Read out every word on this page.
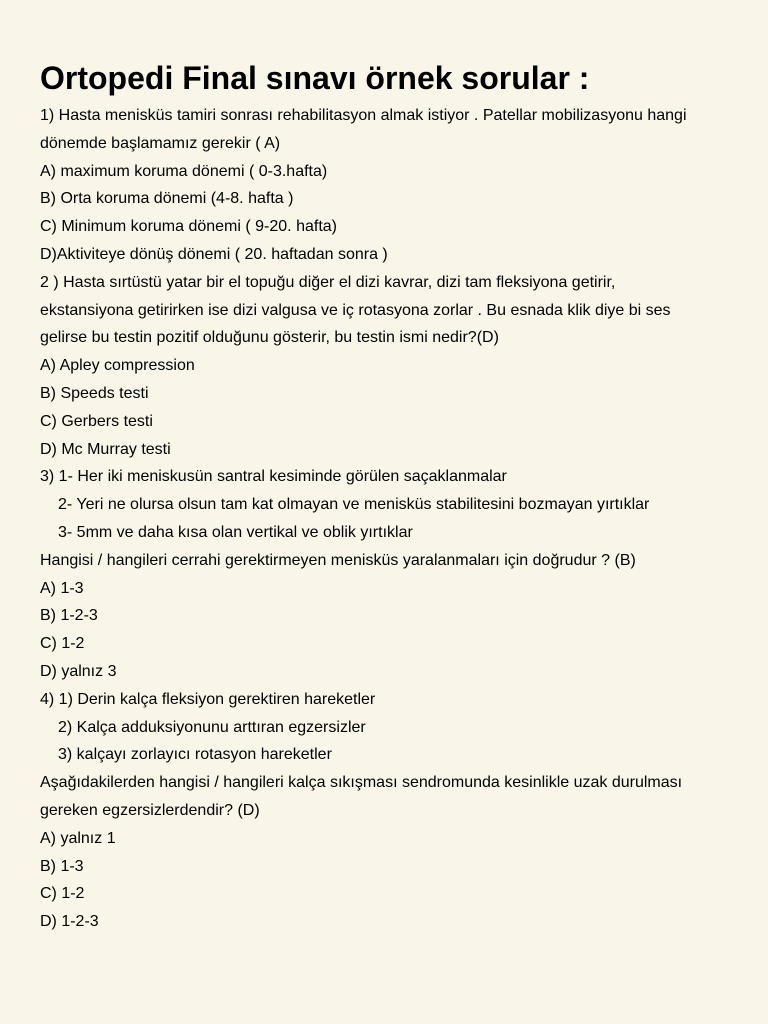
Ortopedi Final sınavı örnek sorular :
1) Hasta menisküs tamiri sonrası rehabilitasyon almak istiyor . Patellar mobilizasyonu hangi
dönemde başlamamız gerekir ( A)
A) maximum koruma dönemi ( 0-3.hafta)
B) Orta koruma dönemi (4-8. hafta )
C) Minimum koruma dönemi ( 9-20. hafta)
D)Aktiviteye dönüş dönemi ( 20. haftadan sonra )
2 ) Hasta sırtüstü yatar bir el topuğu diğer el dizi kavrar, dizi tam fleksiyona getirir,
ekstansiyona getirirken ise dizi valgusa ve iç rotasyona zorlar . Bu esnada klik diye bi ses
gelirse bu testin pozitif olduğunu gösterir, bu testin ismi nedir?(D)
A) Apley compression
B) Speeds testi
C) Gerbers testi
D) Mc Murray testi
3) 1- Her iki meniskusün santral kesiminde görülen saçaklanmalar
2- Yeri ne olursa olsun tam kat olmayan ve menisküs stabilitesini bozmayan yırtıklar
3- 5mm ve daha kısa olan vertikal ve oblik yırtıklar
Hangisi / hangileri cerrahi gerektirmeyen menisküs yaralanmaları için doğrudur ? (B)
A) 1-3
B) 1-2-3
C) 1-2
D) yalnız 3
4) 1) Derin kalça fleksiyon gerektiren hareketler
2) Kalça adduksiyonunu arttıran egzersizler
3) kalçayı zorlayıcı rotasyon hareketler
Aşağıdakilerden hangisi / hangileri kalça sıkışması sendromunda kesinlikle uzak durulması
gereken egzersizlerdendir? (D)
A) yalnız 1
B) 1-3
C) 1-2
D) 1-2-3
